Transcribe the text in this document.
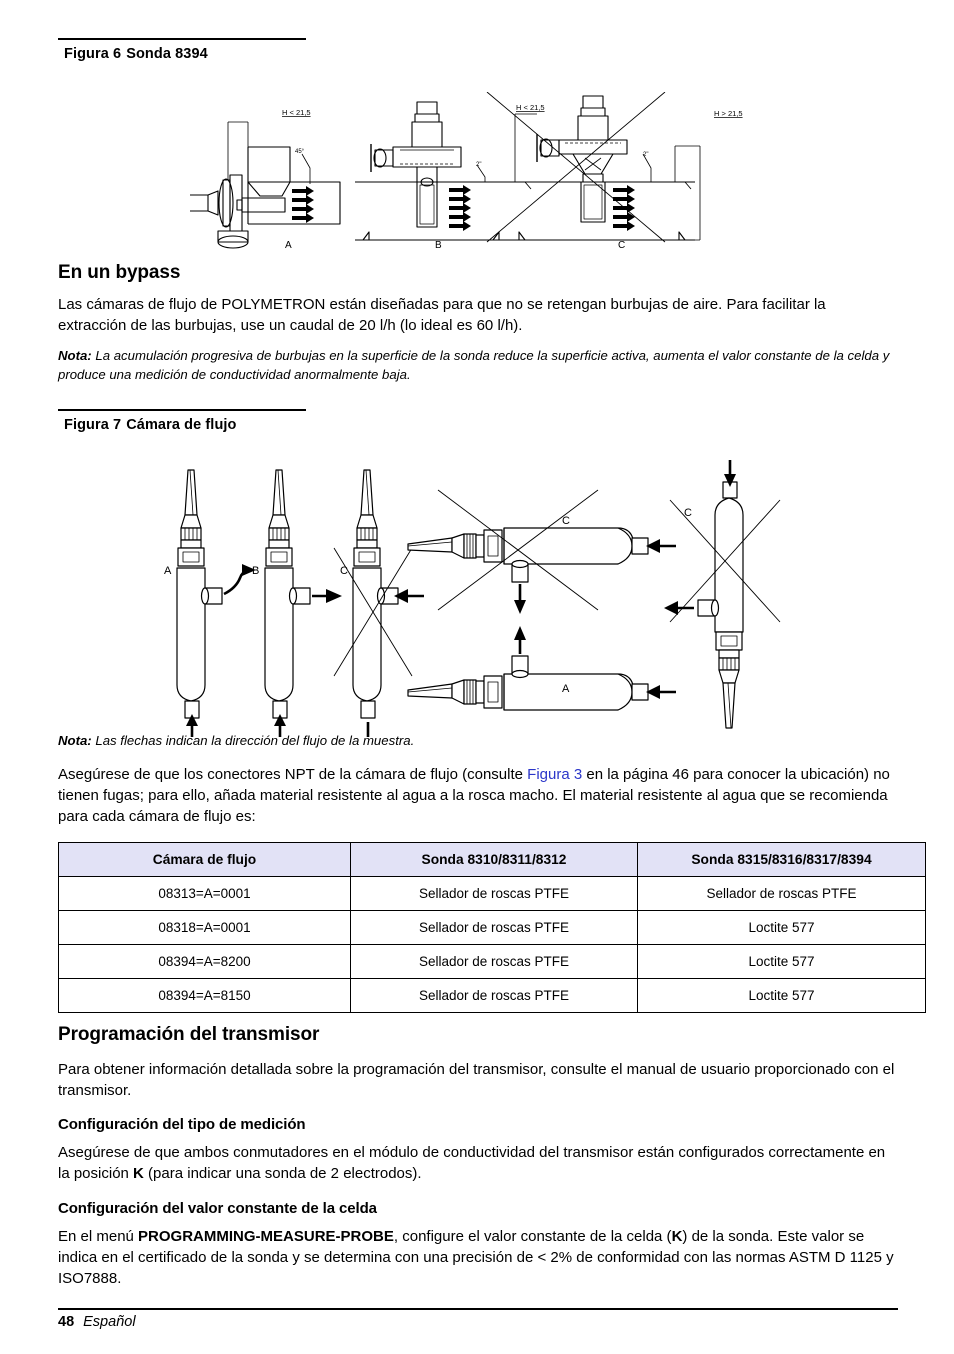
Figura 6 Sonda 8394
H < 21,5
45°
A
H < 21,5
2"
B
H > 21,5
2"
C
En un bypass

Las cámaras de flujo de POLYMETRON están diseñadas para que no se retengan burbujas de aire. Para facilitar la extracción de las burbujas, use un caudal de 20 l/h (lo ideal es 60 l/h).

Nota: La acumulación progresiva de burbujas en la superficie de la sonda reduce la superficie activa, aumenta el valor constante de la celda y produce una medición de conductividad anormalmente baja.

Figura 7 Cámara de flujo
A	B	C
C
A
C

Nota: Las flechas indican la dirección del flujo de la muestra.

Asegúrese de que los conectores NPT de la cámara de flujo (consulte Figura 3 en la página 46 para conocer la ubicación) no tienen fugas; para ello, añada material resistente al agua a la rosca macho. El material resistente al agua que se recomienda para cada cámara de flujo es:

Cámara de flujo	Sonda 8310/8311/8312	Sonda 8315/8316/8317/8394
08313=A=0001	Sellador de roscas PTFE	Sellador de roscas PTFE
08318=A=0001	Sellador de roscas PTFE	Loctite 577
08394=A=8200	Sellador de roscas PTFE	Loctite 577
08394=A=8150	Sellador de roscas PTFE	Loctite 577
Programación del transmisor

Para obtener información detallada sobre la programación del transmisor, consulte el manual de usuario proporcionado con el transmisor.

Configuración del tipo de medición

Asegúrese de que ambos conmutadores en el módulo de conductividad del transmisor están configurados correctamente en la posición K (para indicar una sonda de 2 electrodos).

Configuración del valor constante de la celda

En el menú PROGRAMMING-MEASURE-PROBE, configure el valor constante de la celda (K) de la sonda. Este valor se indica en el certificado de la sonda y se determina con una precisión de < 2% de conformidad con las normas ASTM D 1125 y ISO7888.

48 Español
